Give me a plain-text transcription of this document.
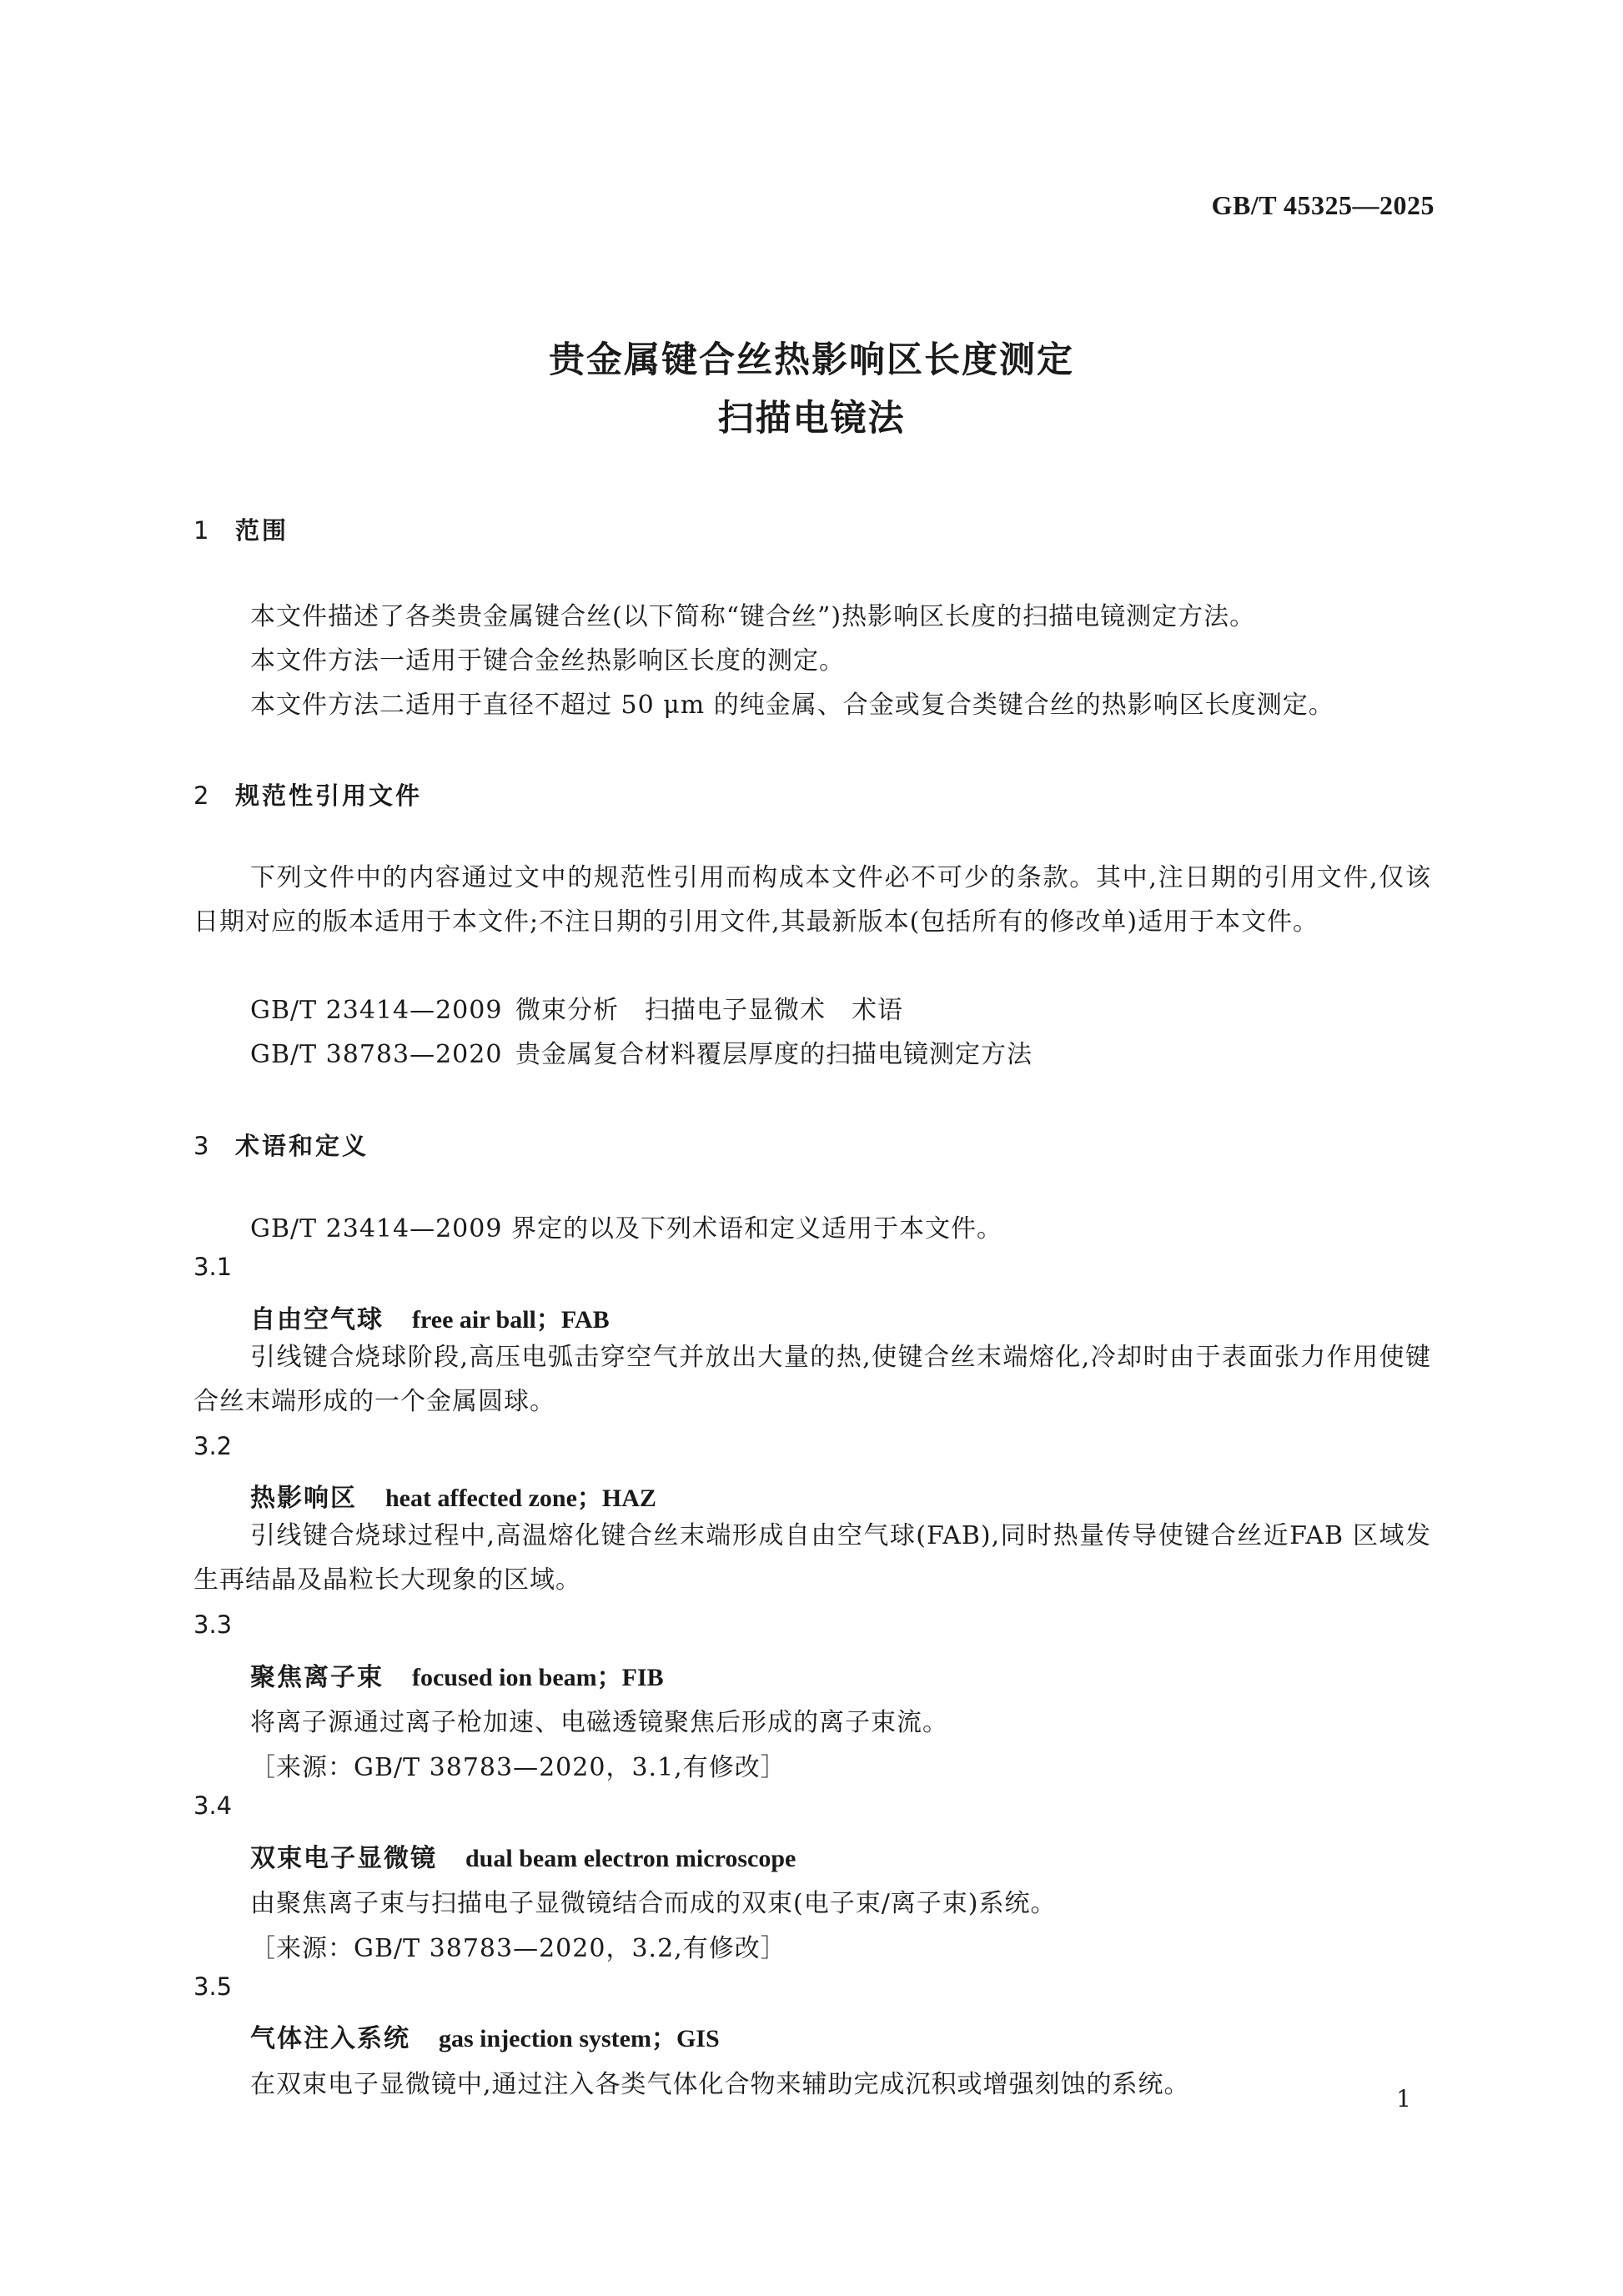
GB/T 45325—2025
贵金属键合丝热影响区长度测定
扫描电镜法
1 范围
本文件描述了各类贵金属键合丝(以下简称“键合丝”)热影响区长度的扫描电镜测定方法。
本文件方法一适用于键合金丝热影响区长度的测定。
本文件方法二适用于直径不超过 50 μm 的纯金属、合金或复合类键合丝的热影响区长度测定。
2 规范性引用文件
下列文件中的内容通过文中的规范性引用而构成本文件必不可少的条款。其中,注日期的引用文件,仅该日期对应的版本适用于本文件;不注日期的引用文件,其最新版本(包括所有的修改单)适用于本文件。
GB/T 23414—2009 微束分析　扫描电子显微术　术语
GB/T 38783—2020 贵金属复合材料覆层厚度的扫描电镜测定方法
3 术语和定义
GB/T 23414—2009 界定的以及下列术语和定义适用于本文件。
3.1
自由空气球 free air ball；FAB
引线键合烧球阶段,高压电弧击穿空气并放出大量的热,使键合丝末端熔化,冷却时由于表面张力作用使键合丝末端形成的一个金属圆球。
3.2
热影响区 heat affected zone；HAZ
引线键合烧球过程中,高温熔化键合丝末端形成自由空气球(FAB),同时热量传导使键合丝近FAB 区域发生再结晶及晶粒长大现象的区域。
3.3
聚焦离子束 focused ion beam；FIB
将离子源通过离子枪加速、电磁透镜聚焦后形成的离子束流。
［来源：GB/T 38783—2020，3.1,有修改］
3.4
双束电子显微镜 dual beam electron microscope
由聚焦离子束与扫描电子显微镜结合而成的双束(电子束/离子束)系统。
［来源：GB/T 38783—2020，3.2,有修改］
3.5
气体注入系统 gas injection system；GIS
在双束电子显微镜中,通过注入各类气体化合物来辅助完成沉积或增强刻蚀的系统。	1
